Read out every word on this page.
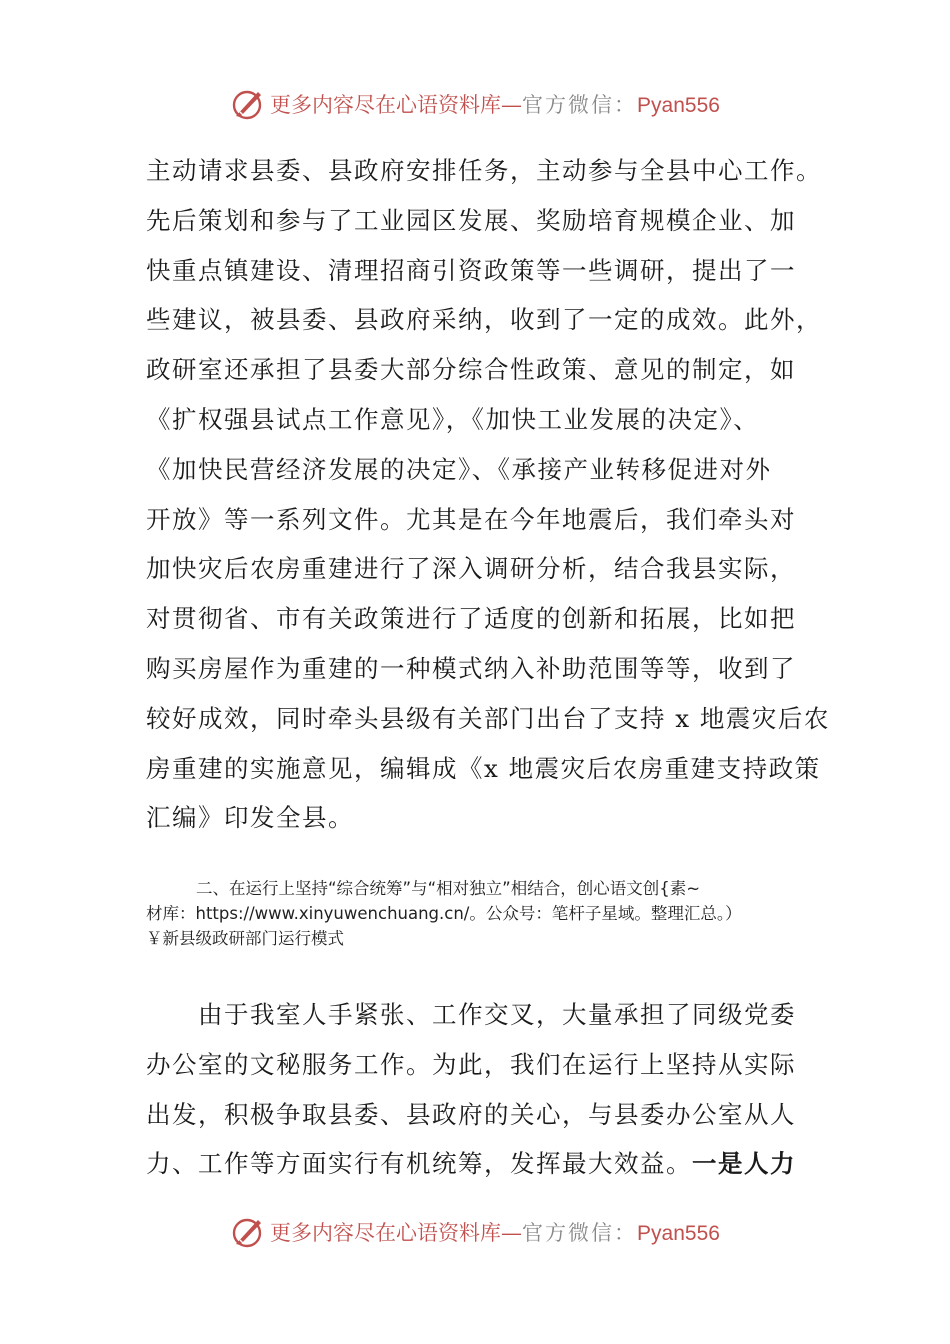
更多内容尽在心语资料库—官方微信：Pyan556
主动请求县委、县政府安排任务，主动参与全县中心工作。
先后策划和参与了工业园区发展、奖励培育规模企业、加
快重点镇建设、清理招商引资政策等一些调研，提出了一
些建议，被县委、县政府采纳，收到了一定的成效。此外，
政研室还承担了县委大部分综合性政策、意见的制定，如
《扩权强县试点工作意见》，《加快工业发展的决定》、
《加快民营经济发展的决定》、《承接产业转移促进对外
开放》等一系列文件。尤其是在今年地震后，我们牵头对
加快灾后农房重建进行了深入调研分析，结合我县实际，
对贯彻省、市有关政策进行了适度的创新和拓展，比如把
购买房屋作为重建的一种模式纳入补助范围等等，收到了
较好成效，同时牵头县级有关部门出台了支持 x 地震灾后农
房重建的实施意见，编辑成《x 地震灾后农房重建支持政策
汇编》印发全县。
二、在运行上坚持“综合统筹”与“相对独立”相结合，创心语文创{素~
材库：https://www.xinyuwenchuang.cn/。公众号：笔杆子星域。整理汇总。）
￥新县级政研部门运行模式
由于我室人手紧张、工作交叉，大量承担了同级党委
办公室的文秘服务工作。为此，我们在运行上坚持从实际
出发，积极争取县委、县政府的关心，与县委办公室从人
力、工作等方面实行有机统筹，发挥最大效益。一是人力
更多内容尽在心语资料库—官方微信：Pyan556
